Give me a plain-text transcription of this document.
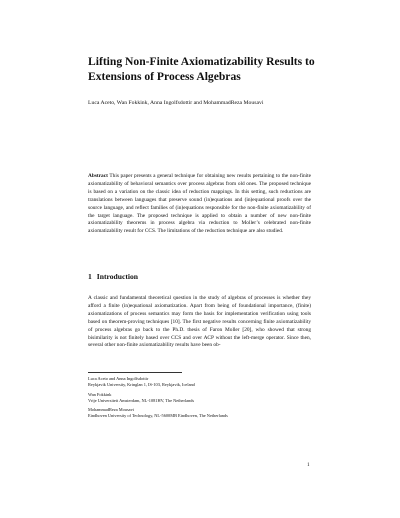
Lifting Non-Finite Axiomatizability Results to Extensions of Process Algebras
Luca Aceto, Wan Fokkink, Anna Ingolfsdottir and MohammadReza Mousavi
Abstract This paper presents a general technique for obtaining new results pertaining to the non-finite axiomatizability of behavioral semantics over process algebras from old ones. The proposed technique is based on a variation on the classic idea of reduction mappings. In this setting, such reductions are translations between languages that preserve sound (in)equations and (in)equational proofs over the source language, and reflect families of (in)equations responsible for the non-finite axiomatizability of the target language. The proposed technique is applied to obtain a number of new non-finite axiomatizability theorems in process algebra via reduction to Moller’s celebrated non-finite axiomatizability result for CCS. The limitations of the reduction technique are also studied.
1 Introduction
A classic and fundamental theoretical question in the study of algebras of processes is whether they afford a finite (in)equational axiomatization. Apart from being of foundational importance, (finite) axiomatizations of process semantics may form the basis for implementation verification using tools based on theorem-proving techniques [10]. The first negative results concerning finite axiomatizability of process algebras go back to the Ph.D. thesis of Faron Moller [20], who showed that strong bisimilarity is not finitely based over CCS and over ACP without the left-merge operator. Since then, several other non-finite axiomatizability results have been ob-
Luca Aceto and Anna Ingolfsdottir
Reykjavik University, Kringlan 1, IS-103, Reykjavik, Iceland
Wan Fokkink
Vrije Universiteit Amsterdam, NL-1081HV, The Netherlands
MohammadReza Mousavi
Eindhoven University of Technology, NL-5600MB Eindhoven, The Netherlands
1
